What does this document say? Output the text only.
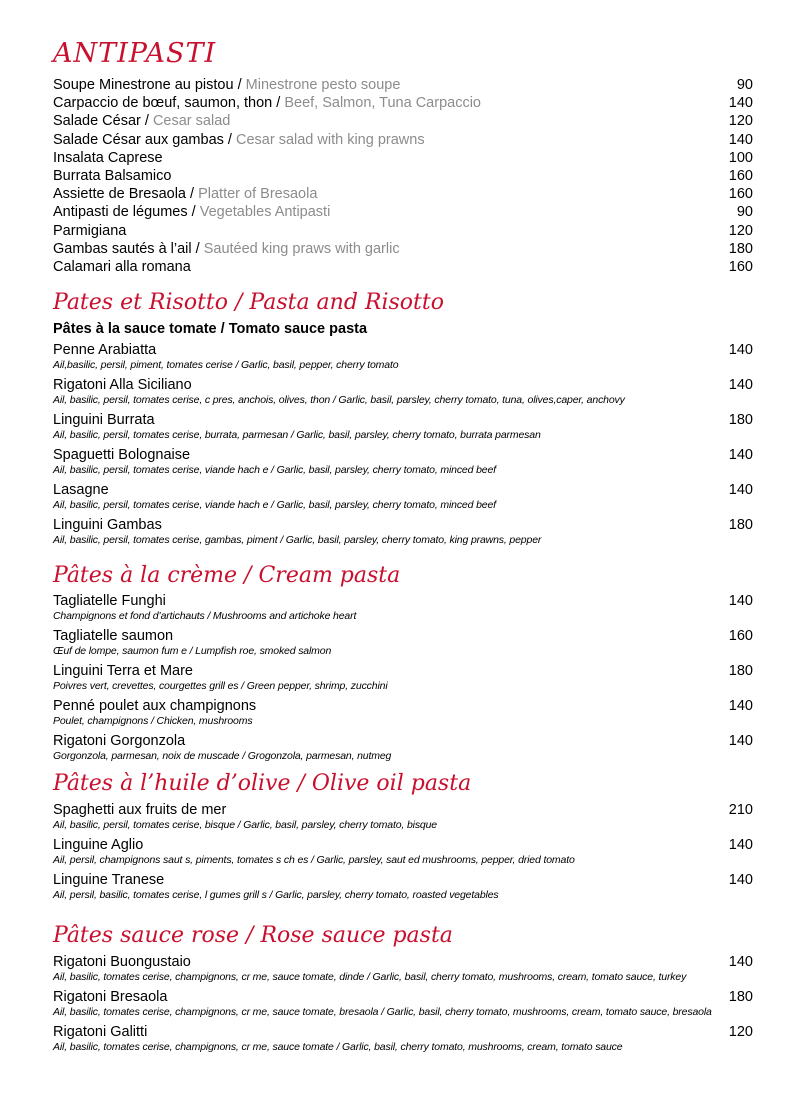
ANTIPASTI
Soupe Minestrone au pistou / Minestrone pesto soupe	90
Carpaccio de bœuf, saumon, thon / Beef, Salmon, Tuna Carpaccio	140
Salade César / Cesar salad	120
Salade César aux gambas / Cesar salad with king prawns	140
Insalata Caprese	100
Burrata Balsamico	160
Assiette de Bresaola / Platter of Bresaola	160
Antipasti de légumes / Vegetables Antipasti	90
Parmigiana	120
Gambas sautés à l’ail / Sautéed king praws with garlic	180
Calamari alla romana	160
Pates et Risotto / Pasta and Risotto
Pâtes à la sauce tomate / Tomato sauce pasta
Penne Arabiatta	140
Ail,basilic, persil, piment, tomates cerise / Garlic, basil, pepper, cherry tomato
Rigatoni Alla Siciliano	140
Ail, basilic, persil, tomates cerise, c pres, anchois, olives, thon / Garlic, basil, parsley, cherry tomato, tuna, olives,caper, anchovy
Linguini Burrata	180
Ail, basilic, persil, tomates cerise, burrata, parmesan / Garlic, basil, parsley, cherry tomato, burrata parmesan
Spaguetti Bolognaise	140
Ail, basilic, persil, tomates cerise, viande hach e / Garlic, basil, parsley, cherry tomato, minced beef
Lasagne	140
Ail, basilic, persil, tomates cerise, viande hach e / Garlic, basil, parsley, cherry tomato, minced beef
Linguini Gambas	180
Ail, basilic, persil, tomates cerise, gambas, piment / Garlic, basil, parsley, cherry tomato, king prawns, pepper
Pâtes à la crème / Cream pasta
Tagliatelle Funghi	140
Champignons et fond d’artichauts / Mushrooms and artichoke heart
Tagliatelle saumon	160
Œuf de lompe, saumon fum e / Lumpfish roe, smoked salmon
Linguini Terra et Mare	180
Poivres vert, crevettes, courgettes grill es / Green pepper, shrimp, zucchini
Penné poulet aux champignons	140
Poulet, champignons / Chicken, mushrooms
Rigatoni Gorgonzola	140
Gorgonzola, parmesan, noix de muscade / Grogonzola, parmesan, nutmeg
Pâtes à l’huile d’olive / Olive oil pasta
Spaghetti aux fruits de mer	210
Ail, basilic, persil, tomates cerise, bisque / Garlic, basil, parsley, cherry tomato, bisque
Linguine Aglio	140
Ail, persil, champignons saut s, piments, tomates s ch es / Garlic, parsley, saut ed mushrooms, pepper, dried tomato
Linguine Tranese	140
Ail, persil, basilic, tomates cerise, l gumes grill s / Garlic, parsley, cherry tomato, roasted vegetables
Pâtes sauce rose / Rose sauce pasta
Rigatoni Buongustaio	140
Ail, basilic, tomates cerise, champignons, cr me, sauce tomate, dinde / Garlic, basil, cherry tomato, mushrooms, cream, tomato sauce, turkey
Rigatoni Bresaola	180
Ail, basilic, tomates cerise, champignons, cr me, sauce tomate, bresaola / Garlic, basil, cherry tomato, mushrooms, cream, tomato sauce, bresaola
Rigatoni Galitti	120
Ail, basilic, tomates cerise, champignons, cr me, sauce tomate / Garlic, basil, cherry tomato, mushrooms, cream, tomato sauce
